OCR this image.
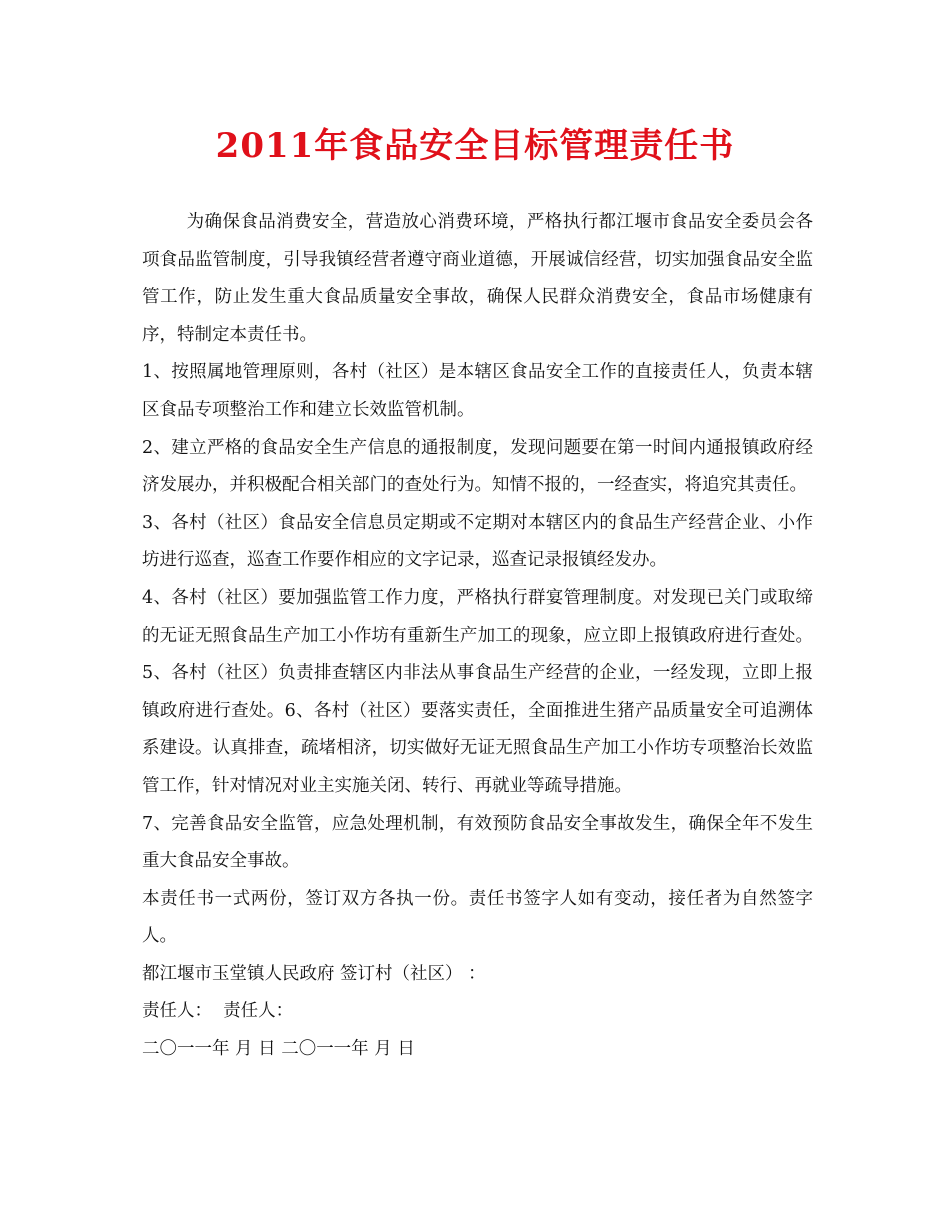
2011年食品安全目标管理责任书

为确保食品消费安全，营造放心消费环境，严格执行都江堰市食品安全委员会各项食品监管制度，引导我镇经营者遵守商业道德，开展诚信经营，切实加强食品安全监管工作，防止发生重大食品质量安全事故，确保人民群众消费安全，食品市场健康有序，特制定本责任书。

1、按照属地管理原则，各村（社区）是本辖区食品安全工作的直接责任人，负责本辖区食品专项整治工作和建立长效监管机制。

2、建立严格的食品安全生产信息的通报制度，发现问题要在第一时间内通报镇政府经济发展办，并积极配合相关部门的查处行为。知情不报的，一经查实，将追究其责任。

3、各村（社区）食品安全信息员定期或不定期对本辖区内的食品生产经营企业、小作坊进行巡查，巡查工作要作相应的文字记录，巡查记录报镇经发办。

4、各村（社区）要加强监管工作力度，严格执行群宴管理制度。对发现已关门或取缔的无证无照食品生产加工小作坊有重新生产加工的现象，应立即上报镇政府进行查处。5、各村（社区）负责排查辖区内非法从事食品生产经营的企业，一经发现，立即上报镇政府进行查处。6、各村（社区）要落实责任，全面推进生猪产品质量安全可追溯体系建设。认真排查，疏堵相济，切实做好无证无照食品生产加工小作坊专项整治长效监管工作，针对情况对业主实施关闭、转行、再就业等疏导措施。

7、完善食品安全监管，应急处理机制，有效预防食品安全事故发生，确保全年不发生重大食品安全事故。

本责任书一式两份，签订双方各执一份。责任书签字人如有变动，接任者为自然签字人。

都江堰市玉堂镇人民政府 签订村（社区） ：

责任人：  责任人：

二〇一一年 月 日 二〇一一年 月 日
